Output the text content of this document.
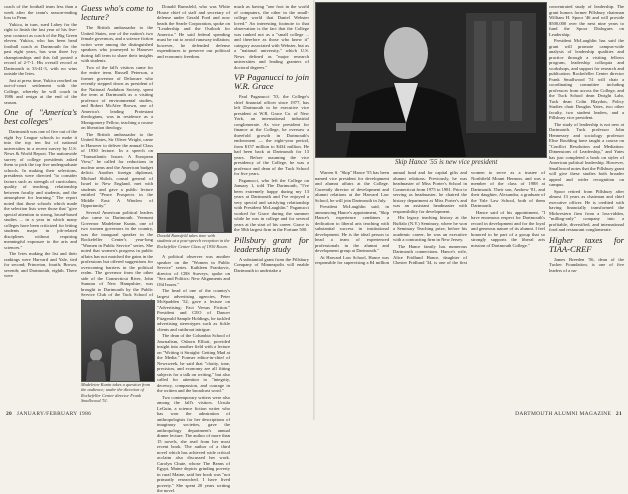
coach of the football team less than a week after the team's season-ending loss to Penn.

Yukica, in turn, sued Lahey for the right to finish the last year of his five-year contract as coach of the Big Green eleven. Yukica, who has been head football coach at Dartmouth for the past eight years, has won three Ivy championships and this fall posted a record of 2-7-1. His overall record at Dartmouth is 33-41-3, with no wins outside the Ivies.

Just at press time, Yukica reached an out-of-court settlement with the College, whereby he will coach in 1986 and resign at the end of the season.

One of "America's best colleges"

Dartmouth was one of five out of the eight Ivy League schools to make it into the top ten list of national universities in a recent survey by U.S. News & World Report. The nationwide survey of college presidents asked them to pick the top five undergraduate schools. In making their selections, presidents were directed "to consider factors such as strength of curriculum, quality of teaching, relationship between faculty and students, and the atmosphere for learning." The report noted that those schools which made the selection lists were those that "give special attention to strong, broad-based studies ... in a year in which many colleges have been criticized for letting students major in job-related disciplines without requiring meaningful exposure to the arts and sciences."

The Ivies making the list and their rankings were Harvard and Yale, tied for second; Princeton, fourth; Brown, seventh; and Dartmouth, eighth. There were

Guess who's come to lecture?

The British ambassador to the United States, one of the nation's two female governors, and a science fiction writer were among the distinguished speakers who journeyed to Hanover during fall term to share their insights with students.

Two of the fall's visitors came for the entire term. Russell Peterson, a former governor of Delaware who recently stepped down as president of the National Audubon Society, spent the term at Dartmouth as a visiting professor of environmental studies, and Robert McAfee Brown, one of America's leading Protestant theologians, was in residence as a Montgomery Fellow, teaching a course on liberation theology.

The British ambassador to the United States, Sir Oliver Wright, came to Hanover to deliver the annual Class of 1930 lecture. In a speech on "Transatlantic Issues: A European View," he called for reductions in nuclear arms and the American budget deficit. Another foreign diplomat, Michael Shiloh, consul general of Israel to New England, met with students and gave a public lecture entitled "Peace Prospects in the Middle East: A Window of Opportunity."

Several American political leaders also came to Dartmouth. Vermont Governor Madeleine Kunin, one of two women governors in the country, was the inaugural speaker in the Rockefeller Center's year-long "Women in Public Service" series. She noted that women's progress in public affairs has not matched the gains in the professions but offered suggestions for overcoming barriers in the political realm. The governor from the other side of the Connecticut River, John Sununu of New Hampshire, was brought to Dartmouth by the Public Service Club of the Tuck School of

Madeleine Kunin takes a question from the audience; under the direction of Rockefeller Center director Frank Smallwood '51.

Donald Rumsfeld, who was White House chief of staff and secretary of defense under Gerald Ford and now heads the Searle Corporation, spoke on "Leadership and the Outlook for America." He said federal spending must be cut to avoid runaway inflation; however, he defended defense expenditures to preserve our political and economic freedom.

Donald Rumsfeld takes time with students at a post-speech reception in the Rockefeller Center Class of 1930 Room.

A political observer was another speaker on the "Women in Public Service" series. Kathleen Frankovic, director of CBS Surveys, spoke on "Sex and Politics: New Alignments and Old Issues."

The head of one of the country's largest advertising agencies, Peter McSpadden '52, gave a lecture on "Advertising: Fact Versus Fiction." President and CEO of Dancer Fitzgerald Sample Holdings, he tackled advertising stereotypes such as fickle clients and cutthroat intrigue.

The dean of the Columbia School of Journalism, Osborn Elliott, provided insight into another field with a lecture on "Writing it Straight: Getting Mad at the Media." Former editor-in-chief of Newsweek, he said that "clarity, tone, precision, and economy are all fitting subjects for a talk on writing," but also called for attention to "integrity, decency, compassion, and courage in the written and the broadcast word."

Two contemporary writers were also among the fall's visitors. Ursula LeGuin, a science fiction writer who has won the admiration of anthropologists for her descriptions of imaginary societies, gave the anthropology department's annual dinner lecture. The author of more than 15 novels, she read from her most recent book. The author of a third novel which has achieved wide critical acclaim also discussed her work. Carolyn Chute, whose The Beans of Egypt, Maine depicts grinding poverty in rural Maine, said her book was "not primarily researched. I have lived poverty." She spent 20 years writing the novel.

much as having "one foot in the world of computers, the other in the small-college world that Daniel Webster loved." An interesting footnote to that observation is the fact that the College was ranked not as a "small college ... and therefore as those who knew it" category associated with Webster, but as a "national university," which U.S. News defined as "major research universities and leading granters of doctoral degrees."

VP Paganucci to join W.R. Grace

Paul Paganucci '53, the College's chief financial officer since 1977, has left Dartmouth to be executive vice president at W.R. Grace Co. of New York, an international industrial conglomerate. As vice president for finance at the College, he oversaw a threefold growth in Dartmouth's endowment — the eight-year period, from $157 million to $434 million. He had been back at Dartmouth for 13 years. Before assuming the vice presidency of the College, he was a professor and dean of the Tuck School for five years.

Paganucci, who left the College on January 1, told The Dartmouth, "I've been extremely happy during my 13 years at Dartmouth and I've enjoyed a very special and satisfying relationship with President McLaughlin." Paganucci worked for Grace during the summer while he was in college and for several years at the start of his career. Grace is the 58th largest firm in the Fortune 500.

Pillsbury grant for leadership study

A substantial grant from the Pillsbury Company of Minneapolis will enable Dartmouth to undertake a

20 JANUARY/FEBRUARY 1986
Skip Hance '55 is new vice president

Warren S. "Skip" Hance '55 has been named vice president for development and alumni affairs at the College. Currently director of development and alumni relations at the Harvard Law School, he will join Dartmouth in July.

President McLaughlin said, in announcing Hance's appointment, "Skip Hance's experience combines a dedication to liberal arts teaching with substantial success in institutional development. He is the ideal person to head a team of experienced professionals in the alumni and development group at Dartmouth."

At Harvard Law School, Hance was responsible for supervising a $4 million annual fund and for capital gifts and alumni relations. Previously, he was headmaster of Miss Porter's School in Connecticut from 1975 to 1981. Prior to serving as headmaster, he chaired the history department at Miss Porter's and was an assistant headmaster with responsibility for development.

His legacy teaching history at the Buffalo (N.Y.) Seminary, where he won a Seminary Teaching prize, before his academic career, he was an executive with a contracting firm in New Jersey.

The Hance family has numerous Dartmouth connections. Hance's wife, Alice Fridlund Hance, daughter of Chester Fridlund '34, is one of the first women to serve as a trustee of Northfield Mount Hermon, and was a member of the class of 1988 at Dartmouth. Their son, Andrew '81, and their daughter, Alexandra, a graduate of the Yale Law School, both of them Dartmouth.

Hance said of his appointment, "I have enormous respect for Dartmouth's record in development and for the loyal and generous nature of its alumni. I feel honored to be part of a group that so strongly supports the liberal arts mission of Dartmouth College."

concentrated study of leadership. The grant honors former Pillsbury chairman William H. Spoor '46 and will provide $500,000 over the next nine years to fund the Spoor Dialogues on Leadership.

President McLaughlin has said the grant will promote campus-wide analysis of leadership qualities and practice through a visiting fellows program, leadership colloquia and workshops, and support for research and publication. Rockefeller Center director Frank Smallwood '51 will chair a coordinating committee including professors from across the College, and the Tuck School dean Dwight Lahr, Tuck dean Colin Blaydon, Policy Studies chair Douglas Yates, two other faculty, two student leaders, and a Pillsbury vice president.

The study of leadership is not new at Dartmouth. Tuck professor John Hennessey and sociology professor Elise Boulding have taught a course on "Conflict Resolution and Mediation: Dimensions of Leadership," and Yates has just completed a book on styles of American political leadership. However, Smallwood notes that the Pillsbury grant will give these studies both broader appeal and wider recognition on campus.

Spoor retired from Pillsbury after almost 13 years as chairman and chief executive officer. He is credited with having financially transformed the Midwestern firm from a loss-ridden, "milling-only" company into a profitable, diversified, and international food and restaurant conglomerate.

Higher taxes for TIAA-CREF

James Breeden '56, dean of the Tucker Foundation, is one of five leaders of a na-

DARTMOUTH ALUMNI MAGAZINE 21
